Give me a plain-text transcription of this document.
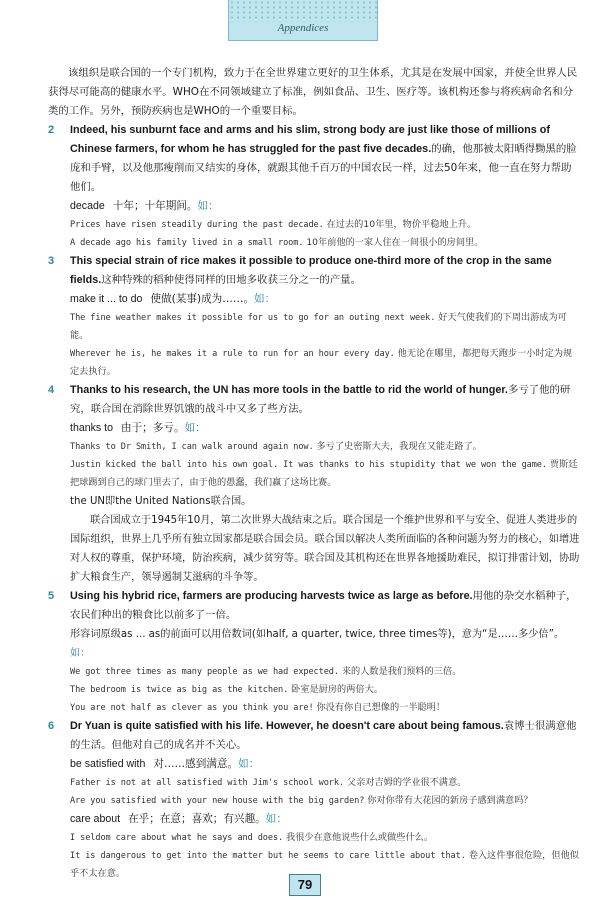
Appendices

该组织是联合国的一个专门机构，致力于在全世界建立更好的卫生体系，尤其是在发展中国家，并使全世界人民获得尽可能高的健康水平。WHO在不同领域建立了标准，例如食品、卫生、医疗等。该机构还参与将疾病命名和分类的工作。另外，预防疾病也是WHO的一个重要目标。

2 Indeed, his sunburnt face and arms and his slim, strong body are just like those of millions of Chinese farmers, for whom he has struggled for the past five decades.的确，他那被太阳晒得黝黑的脸庞和手臂，以及他那瘦削而又结实的身体，就跟其他千百万的中国农民一样，过去50年来，他一直在努力帮助他们。

decade 十年；十年期间。如：

Prices have risen steadily during the past decade. 在过去的10年里，物价平稳地上升。

A decade ago his family lived in a small room. 10年前他的一家人住在一间很小的房间里。

3 This special strain of rice makes it possible to produce one-third more of the crop in the same fields.这种特殊的稻种使得同样的田地多收获三分之一的产量。

make it ... to do 使做(某事)成为……。如：

The fine weather makes it possible for us to go for an outing next week. 好天气使我们的下周出游成为可能。

Wherever he is, he makes it a rule to run for an hour every day. 他无论在哪里，都把每天跑步一小时定为规定去执行。

4 Thanks to his research, the UN has more tools in the battle to rid the world of hunger.多亏了他的研究，联合国在消除世界饥饿的战斗中又多了些方法。

thanks to 由于；多亏。如：

Thanks to Dr Smith, I can walk around again now. 多亏了史密斯大夫，我现在又能走路了。

Justin kicked the ball into his own goal. It was thanks to his stupidity that we won the game. 贾斯廷把球踢到自己的球门里去了，由于他的愚蠢，我们赢了这场比赛。

the UN即the United Nations联合国。

联合国成立于1945年10月，第二次世界大战结束之后。联合国是一个维护世界和平与安全、促进人类进步的国际组织，世界上几乎所有独立国家都是联合国会员。联合国以解决人类所面临的各种问题为努力的核心，如增进对人权的尊重，保护环境，防治疾病，减少贫穷等。联合国及其机构还在世界各地援助难民，拟订排雷计划，协助扩大粮食生产，领导遏制艾滋病的斗争等。

5 Using his hybrid rice, farmers are producing harvests twice as large as before.用他的杂交水稻种子，农民们种出的粮食比以前多了一倍。

形容词原级as ... as的前面可以用倍数词(如half, a quarter, twice, three times等)，意为“是……多少倍”。如：

We got three times as many people as we had expected. 来的人数是我们预料的三倍。

The bedroom is twice as big as the kitchen. 卧室是厨房的两倍大。

You are not half as clever as you think you are! 你没有你自己想像的一半聪明！

6 Dr Yuan is quite satisfied with his life. However, he doesn't care about being famous.袁博士很满意他的生活。但他对自己的成名并不关心。

be satisfied with 对……感到满意。如：

Father is not at all satisfied with Jim's school work. 父亲对吉姆的学业很不满意。

Are you satisfied with your new house with the big garden? 你对你带有大花园的新房子感到满意吗？

care about 在乎；在意；喜欢；有兴趣。如：

I seldom care about what he says and does. 我很少在意他说些什么或做些什么。

It is dangerous to get into the matter but he seems to care little about that. 卷入这件事很危险，但他似乎不太在意。

79
